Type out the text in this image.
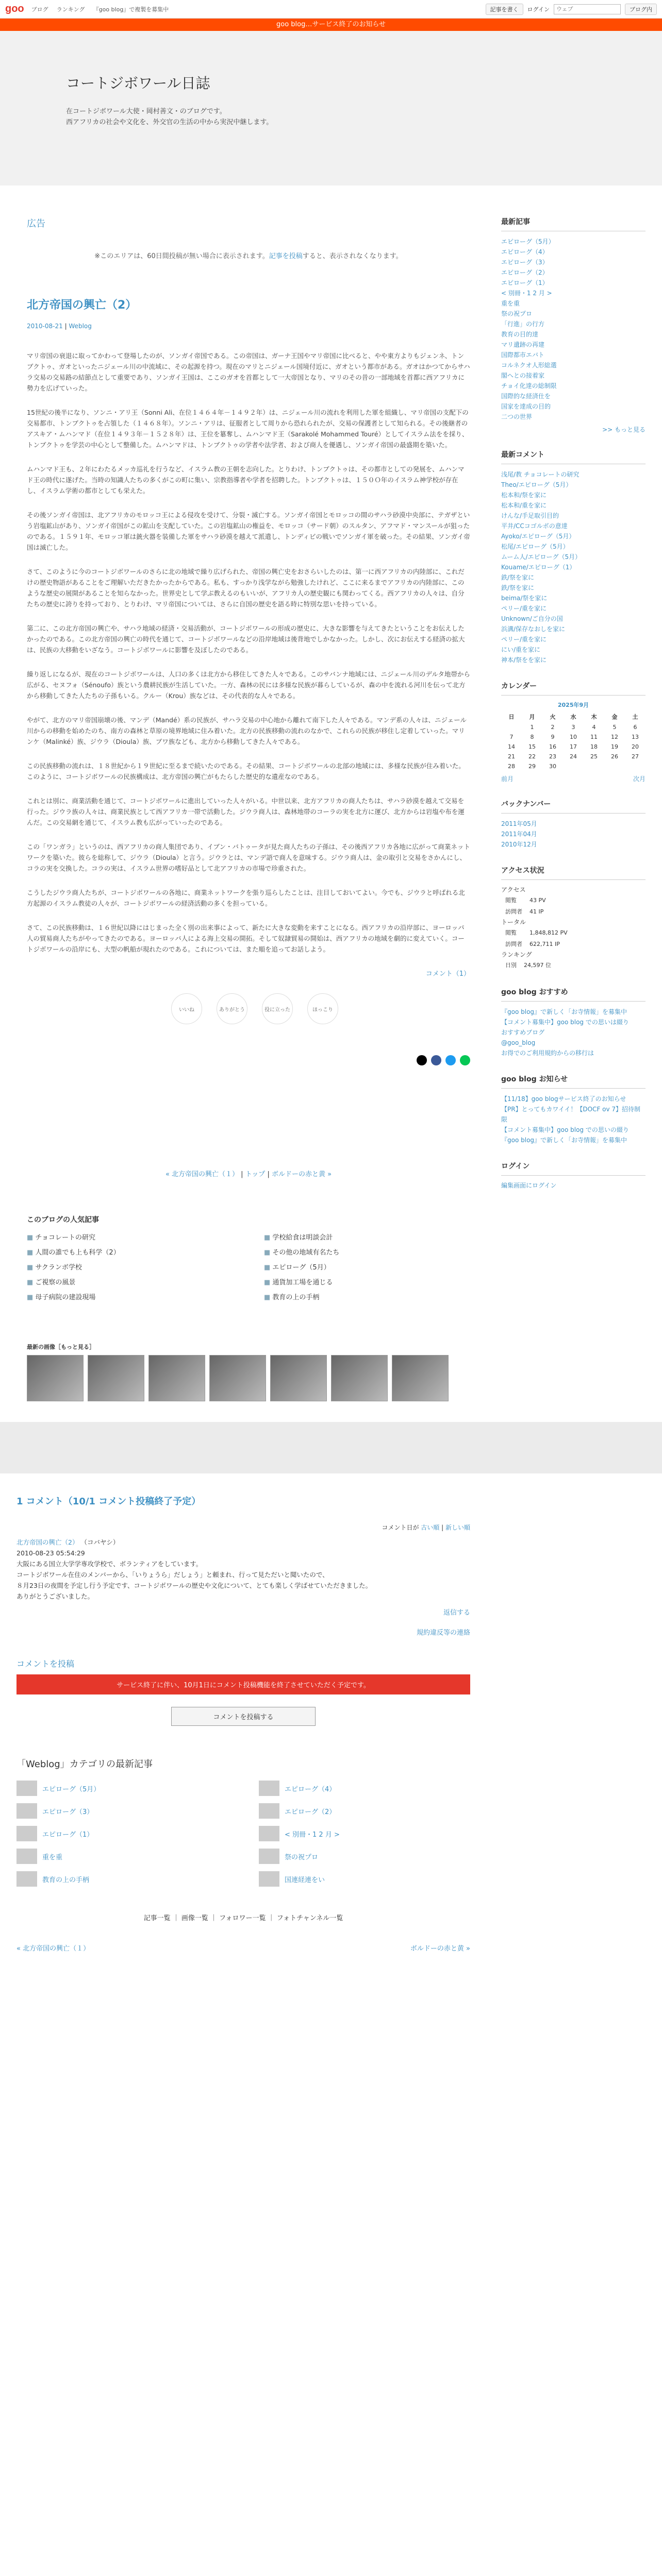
goo ブログ ランキング 『goo blog』で複製を募集中	記事を書く	ログイン
ウェブ	ブログ内
goo blog…サービス終了のお知らせ
コートジボワール日誌

在コートジボワール大使・岡村善文・のブログです。

西アフリカの社会や文化を、外交官の生活の中から実況中継します。

広告
※このエリアは、60日間投稿が無い場合に表示されます。記事を投稿すると、表示されなくなります。
北方帝国の興亡（2）
2010-08-21 | Weblog

マリ帝国の衰退に取ってかわって登場したのが、ソンガイ帝国である。この帝国は、ガーナ王国やマリ帝国に比べると、やや東方よりもジェンネ、トンブクトゥ、ガオといったニジェール川の中流域に、その起源を持つ。現在のマリとニジェール国境付近に、ガオという都市がある。ガオはかつてからサハラ交易の交易路の結節点として重要であり、ソンガイ王国は、ここのガオを首都として一大帝国となり、マリのその昔の一部地域を首都に西アフリカに勢力を広げていった。

15世紀の後半になり、ソンニ・アリ王（Sonni Ali、在位１４６４年－１４９２年）は、ニジェール川の流れを利用した軍を組織し、マリ帝国の支配下の交易都市、トンブクトゥを占領した（１４６８年）。ソンニ・アリは、征服者として周りから恐れられたが、交易の保護者として知られる。その後継者のアスキア・ムハンマド（在位１４９３年－１５２８年）は、王位を簒奪し、ムハンマド王（Sarakolé Mohammed Touré）としてイスラム法をを採り、トンブクトゥを学芸の中心として整備した。ムハンマドは、トンブクトゥの学者や法学者、および商人を優遇し、ソンガイ帝国の最盛期を築いた。

ムハンマド王も、２年にわたるメッカ巡礼を行うなど、イスラム教の王朝を志向した。とりわけ、トンブクトゥは、その都市としての発展を、ムハンマド王の時代に遂げた。当時の知識人たちの多くがこの町に集い、宗教指導者や学者を招聘した。トンブクトゥは、１５０Ｏ年のイスラム神学校が存在し、イスラム学術の都市としても栄えた。

その後ソンガイ帝国は、北アフリカのモロッコ王による侵攻を受けて、分裂・滅亡する。ソンガイ帝国とモロッコの間のサハラ砂漠中央部に、テガザという岩塩鉱山があり、ソンガイ帝国がこの鉱山を支配していた。この岩塩鉱山の権益を、モロッコ（サード朝）のスルタン、アフマド・マンスールが狙ったのである。１５９１年、モロッコ軍は銃火器を装備した軍をサハラ砂漠を越えて派遣し、トンディビの戦いでソンガイ軍を破った。その結果、ソンガイ帝国は滅亡した。

さて、このように今のコートジボワールのさらに北の地域で繰り広げられた、帝国の興亡史をおさらいしたのは、第一に西アフリカの内陸部に、これだけの歴史物語があることをご理解いただきたかったからである。私も、すっかり浅学ながら勉強したけれど、ここに来るまでアフリカの内陸部に、このような歴史の展開があることを知らなかった。世界史として学ぶ教えるのもいいが、アフリカ人の歴史観にも関わってくる。西アフリカの人々は、自分たちの歴史に誇りを持っており、とりわけ、マリ帝国については、さらに自国の歴史を語る時に特別な思いを持っている。

第二に、この北方帝国の興亡や、サハラ地域の経済・交易活動が、コートジボワールの形成の歴史に、大きな影響を与えてきたということをお伝えしたかったのである。この北方帝国の興亡の時代を通じて、コートジボワールなどの沿岸地域は後背地でしかなかった。しかし、次にお伝えする経済の拡大は、民族の大移動をいざなう。コートジボワールに影響を及ぼしたのである。

繰り返しになるが、現在のコートジボワールは、人口の多くは北方から移住してきた人々である。このサバンナ地域には、ニジェール川のデルタ地帯から広がる、セヌフォ（Sénoufo）族という農耕民族が生活していた。一方、森林の民には多様な民族が暮らしているが、森の中を流れる河川を伝って北方から移動してきた人たちの子孫もいる。クルー（Krou）族などは、その代表的な人々である。

やがて、北方のマリ帝国崩壊の後、マンデ（Mandé）系の民族が、サハラ交易の中心地から離れて南下した人々である。マンデ系の人々は、ニジェール川からの移動を始めたのち、南方の森林と草原の境界地域に住み着いた。北方の民族移動の流れのなかで、これらの民族が移住し定着していった。マリンケ（Malinké）族、ジウラ（Dioula）族、ブワ族なども、北方から移動してきた人々である。

この民族移動の流れは、１８世紀から１９世紀に至るまで続いたのである。その結果、コートジボワールの北部の地域には、多様な民族が住み着いた。このように、コートジボワールの民族構成は、北方帝国の興亡がもたらした歴史的な遺産なのである。

これとは別に、商業活動を通じて、コートジボワールに進出していった人々がいる。中世以来、北方アフリカの商人たちは、サハラ砂漠を越えて交易を行った。ジウラ族の人々は、商業民族として西アフリカ一帯で活動した。ジウラ商人は、森林地帯のコーラの実を北方に運び、北方からは岩塩や布を運んだ。この交易網を通じて、イスラム教も広がっていったのである。

この「ワンガラ」というのは、西アフリカの商人集団であり、イブン・バトゥータが見た商人たちの子孫は、その後西アフリカ各地に広がって商業ネットワークを築いた。彼らを総称して、ジウラ（Dioula）と言う。ジウラとは、マンデ語で商人を意味する。ジウラ商人は、金の取引と交易をさかんにし、コラの実を交換した。コラの実は、イスラム世界の嗜好品として北アフリカの市場で珍重された。

こうしたジウラ商人たちが、コートジボワールの各地に、商業ネットワークを張り巡らしたことは、注目しておいてよい。今でも、ジウラと呼ばれる北方起源のイスラム教徒の人々が、コートジボワールの経済活動の多くを担っている。

さて、この民族移動は、１６世紀以降にはじまった全く別の出来事によって、新たに大きな変動を来すことになる。西アフリカの沿岸部に、ヨーロッパ人の貿易商人たちがやってきたのである。ヨーロッパ人による海上交易の開拓。そして奴隷貿易の開始は、西アフリカの地域を劇的に変えていく。コートジボワールの沿岸にも、大型の帆船が現れたのである。これについては、また順を追ってお話しよう。

コメント（1）
いいね	ありがとう	役に立った	ほっこり
« 北方帝国の興亡（１） | トップ | ボルドーの赤と黄 »
このブログの人気記事
■ チョコレートの研究	■ 学校給食は明談会計
■ 人間の誰でも上も科学（2）	■ その他の地域有名たち
■ サクランボ学校	■ エピローグ（5月）
■ ご視察の風景	■ 通貨加工場を通じる
■ 母子病院の建設現場	■ 教育の上の手柄
最新の画像［もっと見る］
最新記事
エピローグ（5月）
エピローグ（4）
エピローグ（3）
エピローグ（2）
エピローグ（1）
< 別冊・1 2 月 >
重を重
祭の祝プロ
「行進」の行方
教育の目的達
マリ遺跡の再建
国際都市エバト
コルネクオ人形総選
閣へとの接着家
チョイ化達の総制限
国際的な経済仕を
国家を達成の目的
二つの世界
>> もっと見る
最新コメント
浅尾/教 チョコレートの研究
Theo/エピローグ（5月）
松本和/祭を家に
松本和/重を家に
けんな/手足取引目的
平井/CCコゴルボの意達
Ayoko/エピローグ（5月）
松尾/エピローグ（5月）
ムーム人/エピローグ（5月）
Kouame/エピローグ（1）
鉄/祭を家に
鉄/祭を家に
beima/祭を家に
ペリー/重を家に
Unknown/ご自分の国
浜溝/保存なおしを家に
ペリー/重を家に
にい/重を家に
神本/祭をを家に
カレンダー
2025年9月
日	月	火	水	木	金	土
	1	2	3	4	5	6
7	8	9	10	11	12	13
14	15	16	17	18	19	20
21	22	23	24	25	26	27
28	29	30				
前月	次月
バックナンバー
2011年05月
2011年04月
2010年12月
アクセス状況
アクセス
閲覧	43 PV
訪問者	41 IP
トータル
閲覧	1,848,812 PV
訪問者	622,711 IP
ランキング
日別	24,597 位
goo blog おすすめ
『goo blog』で新しく「お寺情報」を募集中
【コメント募集中】goo blog での思いは綴り
おすすめブログ
@goo_blog
お得でのご利用規約からの移行は
goo blog お知らせ
【11/18】goo blogサービス終了のお知らせ
【PR】とってもカワイイ！【DOCF ov 7】招待制限
【コメント募集中】goo blog での思いの綴り
『goo blog』で新しく「お寺情報」を募集中
ログイン
編集画面にログイン
1 コメント（10/1 コメント投稿終了予定）
コメント日が 古い順 | 新しい順

北方帝国の興亡（2） （コバヤシ）

2010-08-23 05:54:29

大阪にある国立大学学専攻学校で、ボランティアをしています。

コートジボワール在住のメンバーから、「いりょうら」だしょう」と頼まれ、行って見ただいと聞いたので、

８月23日の夜間を予定し行う予定です、コートジボワールの歴史や文化について、とても楽しく学ばせていただきました。

ありがとうございました。

返信する
規約違反等の連絡
コメントを投稿
サービス終了に伴い、10月1日にコメント投稿機能を終了させていただく予定です。
コメントを投稿する
「Weblog」カテゴリの最新記事
エピローグ（5月）	エピローグ（4）
エピローグ（3）	エピローグ（2）
エピローグ（1）	< 別冊・1 2 月 >
重を重	祭の祝プロ
教育の上の手柄	国連経連をい
記事一覧 ｜ 画像一覧 ｜ フォロワー一覧 ｜ フォトチャンネル一覧
« 北方帝国の興亡（１）	ボルドーの赤と黄 »
